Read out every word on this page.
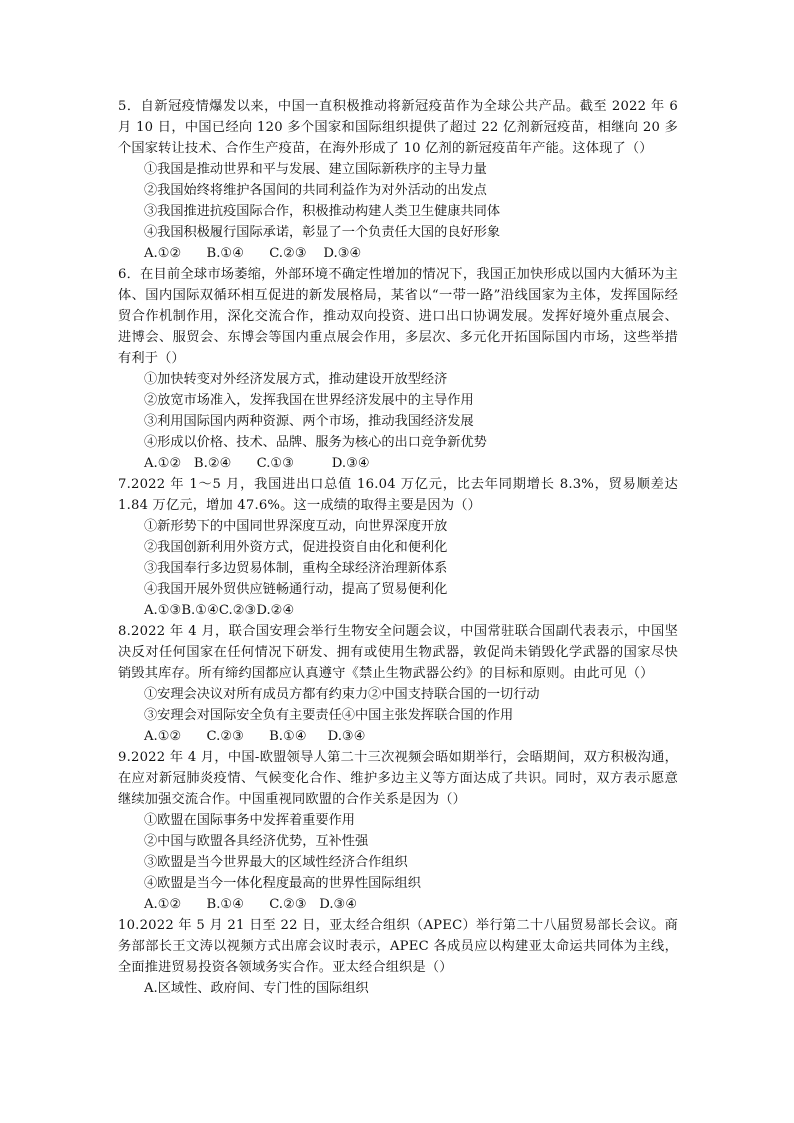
5．自新冠疫情爆发以来，中国一直积极推动将新冠疫苗作为全球公共产品。截至 2022 年 6 月 10 日，中国已经向 120 多个国家和国际组织提供了超过 22 亿剂新冠疫苗，相继向 20 多个国家转让技术、合作生产疫苗，在海外形成了 10 亿剂的新冠疫苗年产能。这体现了（）

①我国是推动世界和平与发展、建立国际新秩序的主导力量

②我国始终将维护各国间的共同利益作为对外活动的出发点

③我国推进抗疫国际合作，积极推动构建人类卫生健康共同体

④我国积极履行国际承诺，彰显了一个负责任大国的良好形象

A.①②      B.①④      C.②③    D.③④

6．在目前全球市场萎缩，外部环境不确定性增加的情况下，我国正加快形成以国内大循环为主体、国内国际双循环相互促进的新发展格局，某省以“一带一路”沿线国家为主体，发挥国际经贸合作机制作用，深化交流合作，推动双向投资、进口出口协调发展。发挥好境外重点展会、进博会、服贸会、东博会等国内重点展会作用，多层次、多元化开拓国际国内市场，这些举措有利于（）

①加快转变对外经济发展方式，推动建设开放型经济

②放宽市场准入，发挥我国在世界经济发展中的主导作用

③利用国际国内两种资源、两个市场，推动我国经济发展

④形成以价格、技术、品牌、服务为核心的出口竞争新优势

A.①②   B.②④      C.①③         D.③④

7.2022 年 1～5 月，我国进出口总值 16.04 万亿元，比去年同期增长 8.3%，贸易顺差达 1.84 万亿元，增加 47.6%。这一成绩的取得主要是因为（）

①新形势下的中国同世界深度互动，向世界深度开放

②我国创新利用外资方式，促进投资自由化和便利化

③我国奉行多边贸易体制，重构全球经济治理新体系

④我国开展外贸供应链畅通行动，提高了贸易便利化

A.①③B.①④C.②③D.②④

8.2022 年 4 月，联合国安理会举行生物安全问题会议，中国常驻联合国副代表表示，中国坚决反对任何国家在任何情况下研发、拥有或使用生物武器，敦促尚未销毁化学武器的国家尽快销毁其库存。所有缔约国都应认真遵守《禁止生物武器公约》的目标和原则。由此可见（）

①安理会决议对所有成员方都有约束力②中国支持联合国的一切行动

③安理会对国际安全负有主要责任④中国主张发挥联合国的作用

A.①②      C.②③      B.①④     D.③④

9.2022 年 4 月，中国-欧盟领导人第二十三次视频会晤如期举行，会晤期间，双方积极沟通，在应对新冠肺炎疫情、气候变化合作、维护多边主义等方面达成了共识。同时，双方表示愿意继续加强交流合作。中国重视同欧盟的合作关系是因为（）

①欧盟在国际事务中发挥着重要作用

②中国与欧盟各具经济优势，互补性强

③欧盟是当今世界最大的区域性经济合作组织

④欧盟是当今一体化程度最高的世界性国际组织

A.①②      B.①④      C.②③   D.③④

10.2022 年 5 月 21 日至 22 日，亚太经合组织（APEC）举行第二十八届贸易部长会议。商务部部长王文涛以视频方式出席会议时表示，APEC 各成员应以构建亚太命运共同体为主线，全面推进贸易投资各领域务实合作。亚太经合组织是（）

A.区域性、政府间、专门性的国际组织
